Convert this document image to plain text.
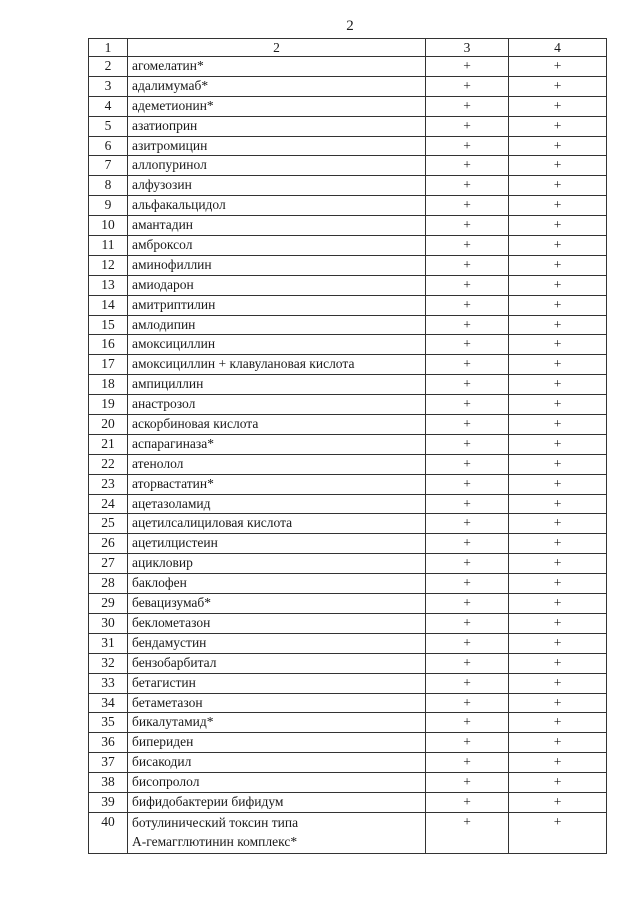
2
1	2	3	4
2	агомелатин*	+	+
3	адалимумаб*	+	+
4	адеметионин*	+	+
5	азатиоприн	+	+
6	азитромицин	+	+
7	аллопуринол	+	+
8	алфузозин	+	+
9	альфакальцидол	+	+
10	амантадин	+	+
11	амброксол	+	+
12	аминофиллин	+	+
13	амиодарон	+	+
14	амитриптилин	+	+
15	амлодипин	+	+
16	амоксициллин	+	+
17	амоксициллин + клавулановая кислота	+	+
18	ампициллин	+	+
19	анастрозол	+	+
20	аскорбиновая кислота	+	+
21	аспарагиназа*	+	+
22	атенолол	+	+
23	аторвастатин*	+	+
24	ацетазоламид	+	+
25	ацетилсалициловая кислота	+	+
26	ацетилцистеин	+	+
27	ацикловир	+	+
28	баклофен	+	+
29	бевацизумаб*	+	+
30	беклометазон	+	+
31	бендамустин	+	+
32	бензобарбитал	+	+
33	бетагистин	+	+
34	бетаметазон	+	+
35	бикалутамид*	+	+
36	бипериден	+	+
37	бисакодил	+	+
38	бисопролол	+	+
39	бифидобактерии бифидум	+	+
40	ботулинический токсин типа
А-гемагглютинин комплекс*	+	+
